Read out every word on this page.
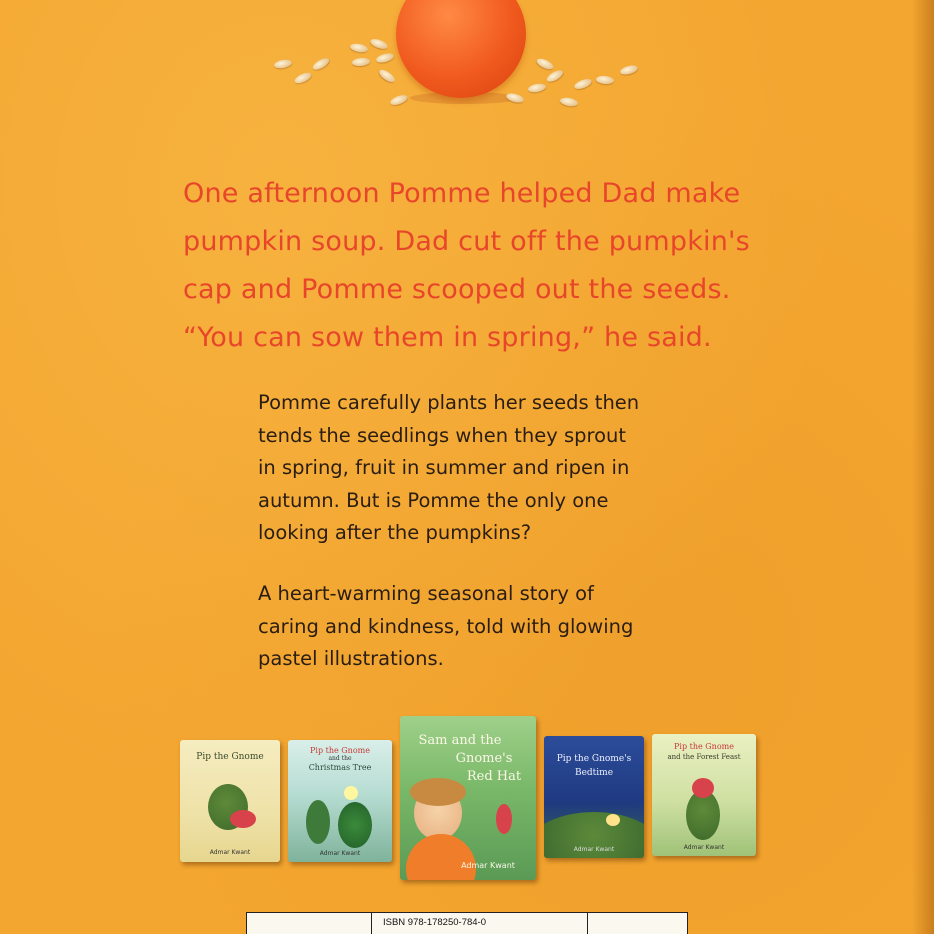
One afternoon Pomme helped Dad make
pumpkin soup. Dad cut off the pumpkin's
cap and Pomme scooped out the seeds.
“You can sow them in spring,” he said.
Pomme carefully plants her seeds then
tends the seedlings when they sprout
in spring, fruit in summer and ripen in
autumn. But is Pomme the only one
looking after the pumpkins?
A heart-warming seasonal story of
caring and kindness, told with glowing
pastel illustrations.
Pip the Gnome
Admar Kwant
Pip the Gnome
and the
Christmas Tree
Admar Kwant
Sam and the
Gnome's
Red Hat
Admar Kwant
Pip the Gnome's
Bedtime
Admar Kwant
Pip the Gnome
and the Forest Feast
Admar Kwant
ISBN 978-178250-784-0
